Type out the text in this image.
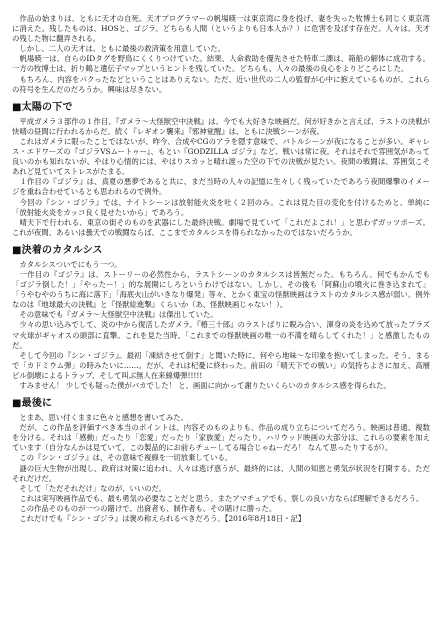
　作品の始まりは、ともに天才の自死。天才プログラマーの帆場暎一は東京湾に身を投げ、妻を失った牧博士も同じく東京湾に消えた。残したものは、HOSと、ゴジラ。どちらも人間（というよりも日本人か？）に危害を及ぼす存在だ。人々は、天才の残した物に翻弄される。

　しかし、二人の天才は、ともに最後の救済策を用意していた。

　帆場暎一は、自らのIDタグを野鳥にくくりつけていた。結果、人命救助を優先させた特車二課は、箱船の解体に成功する。一方の牧博士は、折り鶴と遺伝子マップというヒントを残していた。どちらも、人々の最後の良心をよりどころにした。

　もちろん、内容をパクったなどということはありえない。ただ、近い世代の二人の監督が心中に抱えているものが、これらの符号を生んだのだろうか。興味は尽きない。

■太陽の下で

　平成ガメラ３部作の１作目、『ガメラ～大怪獣空中決戦』は、今でも大好きな映画だ。何が好きかと言えば、ラストの決戦が快晴の昼間に行われるからだ。続く『レギオン襲来』『邪神覚醒』は、ともに決戦シーンが夜。

　これはガメラに限ったことではないが、昨今、合成やCGのアラを隠す意味で、バトルシーンが夜になることが多い。ギャレス・エドワーズの『ゴジラVSムートゥー』、もとい『GODZILLA ゴジラ』など、戦いは常に夜。それはそれで雰囲気があって良いのかも知れないが、やはり心情的には、やはりスカッと晴れ渡った空の下での決戦が見たい。夜間の戦闘は、雰囲気こそあれど見ていてストレスがたまる。

　１作目の『ゴジラ』は、真夏の悪夢であると共に、まだ当時の人々の記憶に生々しく残っていたであろう夜間爆撃のイメージを重ね合わせているとも思われるので例外。

　今回の『シン・ゴジラ』では、ナイトシーンは放射能火炎を吐く２回のみ。これは見た目の変化を付けるためと、単純に「放射能火炎をカッコ良く見せたいから」であろう。

　晴天下で行われる、東京の街そのものを武器にした最終決戦。劇場で見ていて「これだよこれ！」と思わずガッツポーズ。これが夜間、あるいは曇天での戦闘ならば、ここまでカタルシスを得られなかったのではないだろうか。

■決着のカタルシス

　カタルシスついでにもう一つ。

　一作目の『ゴジラ』は、ストーリーの必然性から、ラストシーンのカタルシスは皆無だった。もちろん、何でもかんでも「ゴジラ倒した！」「やったー！」的な展開にしろというわけではない。しかし、その後も「阿蘇山の噴火に巻き込まれて」「うやむやのうちに海に落下」「海底火山がいきなり爆発」等々、とかく東宝の怪獣映画はラストのカタルシス感が弱い。例外なのは『地球最大の決戦』と『怪獣総進撃』くらいか（あ、怪獣映画じゃない！）。

　その意味でも『ガメラ～大怪獣空中決戦』は傑出していた。

　少々の思い込みでして、炎の中から復活したガメラ。『椿三十郎』のラストばりに睨み合い、渾身の炎を込めて放ったプラズマ火球がギャオスの頭部に直撃。これを見た当時、「これまでの怪獣映画の唯一の不満を晴らしてくれた！」と感激したものだ。

　そして今回の『シン・ゴジラ』。最初「凍結させて倒す」と聞いた時に、何やら地味～な印象を抱いてしまった。そう、まるで「カドミウム弾」の時みたいに……。だが、それは杞憂に終わった。前田の「晴天下での戦い」の気持ちよさに加え、高層ビル倒壊によるトラップ、そして叫ぶ無人在来線爆弾!!!!!

　すみません！ 少しでも疑った僕がバカでした！ と、画面に向かって謝りたいくらいのカタルシス感を得られた。

■最後に

　とまあ、思い付くままに色々と感想を書いてみた。

　だが、この作品を評価すべき本当のポイントは、内容そのものよりも、作品の成り立ちについてだろう。映画は普通、複数を分ける。それは「感動」だったり「恋愛」だったり「家族愛」だったり。ハリウッド映画の大部分は、これらの要素を加えています（自分なんかは見ていて、この製品的にお前らチューしてる場合じゃねーだろ！ なんて思ったりするが）。

　この『シン・ゴジラ』は、その意味で複線を一切放棄している。

　謎の巨大生物が出現し、政府は対策に追われ、人々は逃げ惑うが、最終的には、人間の知恵と勇気が状況を打開する。ただそれだけだ。

　そして「ただそれだけ」なのが、いいのだ。

　これは実写映画作品でも、最も勇気の必要なことだと思う。またアマチュアでも、察しの良い方ならば理解できるだろう。

　この作品そのものが一つの賭けで、出資者も、制作者も、その賭けに勝った。

　これだけでも『シン・ゴジラ』は褒め称えられるべきだろう。【2016年8月18日・記】
